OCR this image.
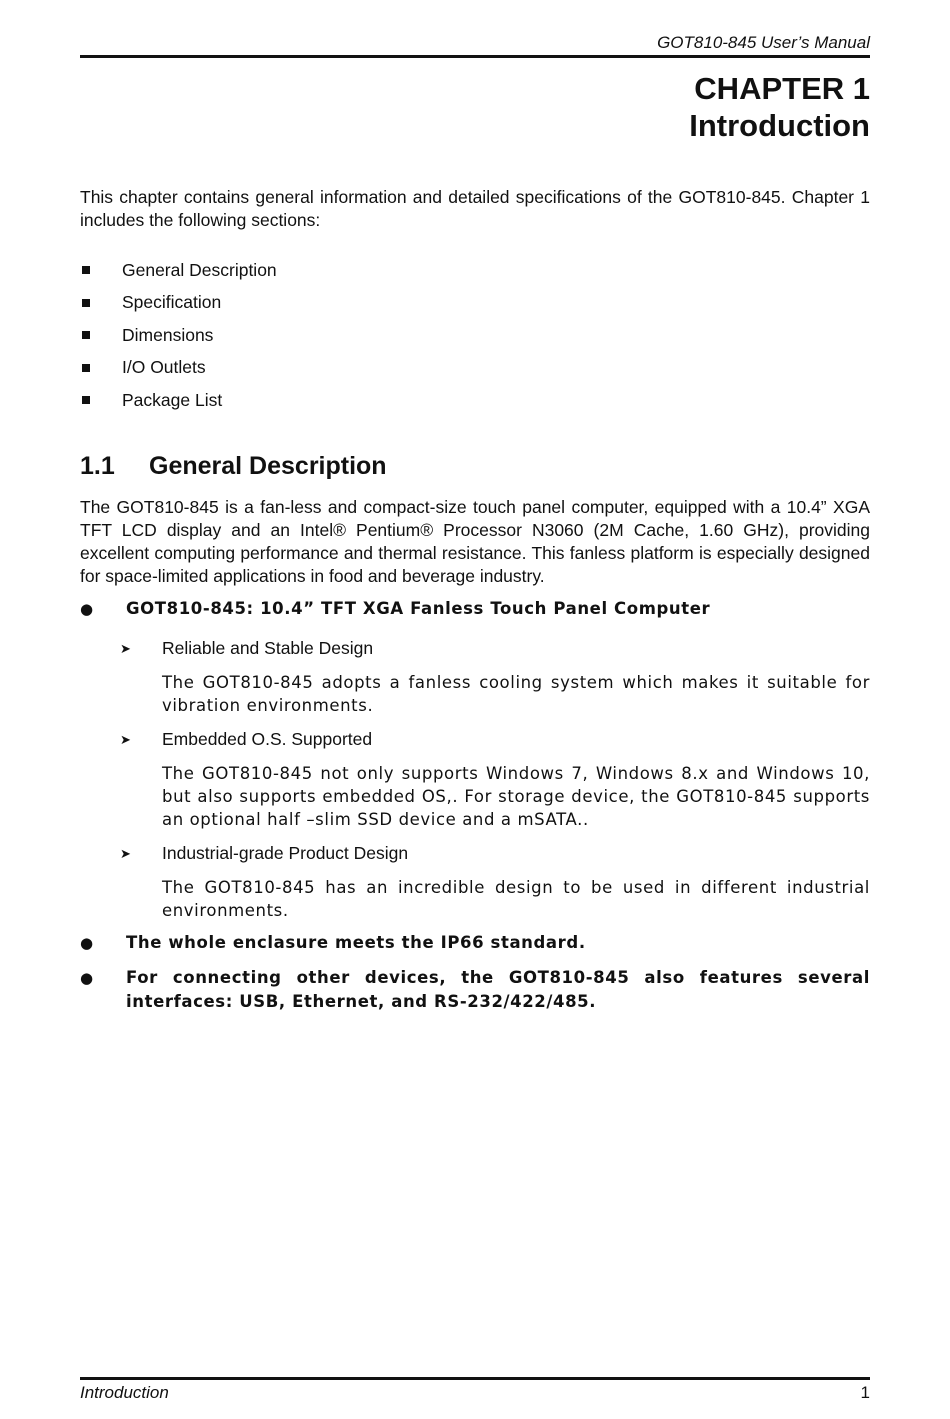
GOT810-845 User’s Manual
CHAPTER 1
Introduction
This chapter contains general information and detailed specifications of the GOT810-845. Chapter 1 includes the following sections:
General Description
Specification
Dimensions
I/O Outlets
Package List
1.1 General Description
The GOT810-845 is a fan-less and compact-size touch panel computer, equipped with a 10.4” XGA TFT LCD display and an Intel® Pentium® Processor N3060 (2M Cache, 1.60 GHz), providing excellent computing performance and thermal resistance. This fanless platform is especially designed for space-limited applications in food and beverage industry.
●	GOT810-845: 10.4” TFT XGA Fanless Touch Panel Computer
➤	Reliable and Stable Design
The GOT810-845 adopts a fanless cooling system which makes it suitable for vibration environments.
➤	Embedded O.S. Supported
The GOT810-845 not only supports Windows 7, Windows 8.x and Windows 10, but also supports embedded OS,. For storage device, the GOT810-845 supports an optional half –slim SSD device and a mSATA..
➤	Industrial-grade Product Design
The GOT810-845 has an incredible design to be used in different industrial environments.
●	The whole enclasure meets the IP66 standard.
●	For connecting other devices, the GOT810-845 also features several interfaces: USB, Ethernet, and RS-232/422/485.
Introduction	1
